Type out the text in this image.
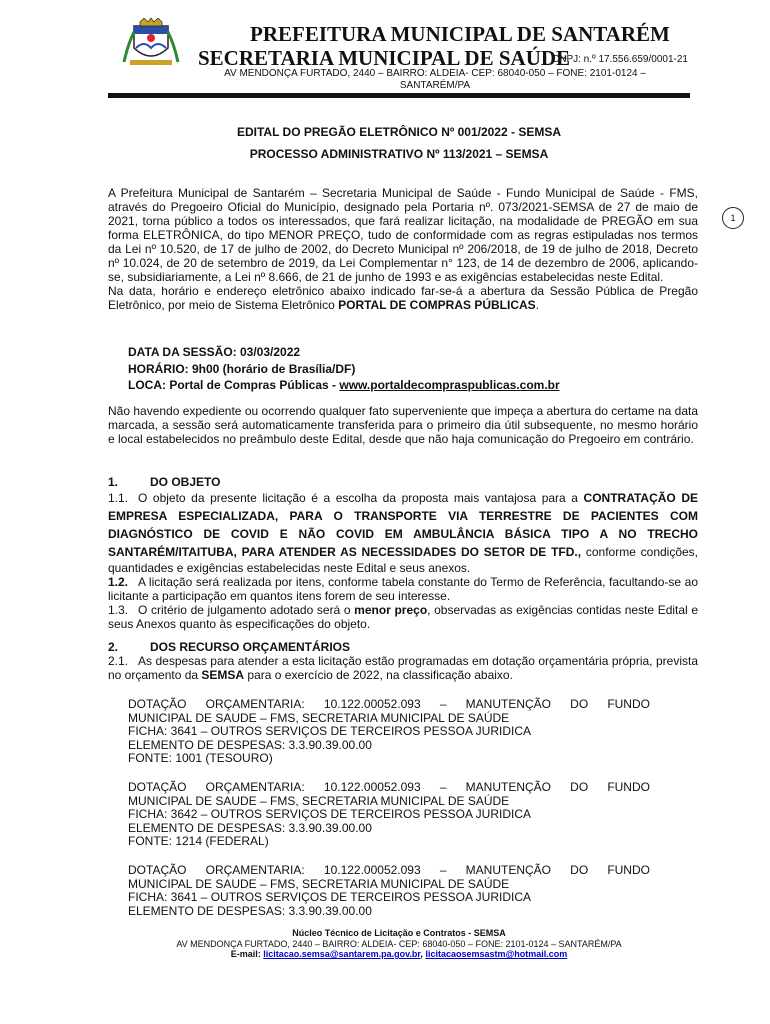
PREFEITURA MUNICIPAL DE SANTARÉM
SECRETARIA MUNICIPAL DE SAÚDE
CNPJ: n.º 17.556.659/0001-21
AV MENDONÇA FURTADO, 2440 – BAIRRO: ALDEIA- CEP: 68040-050 – FONE: 2101-0124 – SANTARÉM/PA
EDITAL DO PREGÃO ELETRÔNICO Nº 001/2022 - SEMSA
PROCESSO ADMINISTRATIVO Nº 113/2021 – SEMSA
1
A Prefeitura Municipal de Santarém – Secretaria Municipal de Saúde - Fundo Municipal de Saúde - FMS, através do Pregoeiro Oficial do Município, designado pela Portaria nº. 073/2021-SEMSA de 27 de maio de 2021, torna público a todos os interessados, que fará realizar licitação, na modalidade de PREGÃO em sua forma ELETRÔNICA, do tipo MENOR PREÇO, tudo de conformidade com as regras estipuladas nos termos da Lei nº 10.520, de 17 de julho de 2002, do Decreto Municipal nº 206/2018, de 19 de julho de 2018, Decreto nº 10.024, de 20 de setembro de 2019, da Lei Complementar n° 123, de 14 de dezembro de 2006, aplicando-se, subsidiariamente, a Lei nº 8.666, de 21 de junho de 1993 e as exigências estabelecidas neste Edital.
Na data, horário e endereço eletrônico abaixo indicado far-se-á a abertura da Sessão Pública de Pregão Eletrônico, por meio de Sistema Eletrônico PORTAL DE COMPRAS PÚBLICAS.
DATA DA SESSÃO: 03/03/2022
HORÁRIO: 9h00 (horário de Brasília/DF)
LOCA: Portal de Compras Públicas - www.portaldecompraspublicas.com.br
Não havendo expediente ou ocorrendo qualquer fato superveniente que impeça a abertura do certame na data marcada, a sessão será automaticamente transferida para o primeiro dia útil subsequente, no mesmo horário e local estabelecidos no preâmbulo deste Edital, desde que não haja comunicação do Pregoeiro em contrário.
1.	DO OBJETO
1.1. O objeto da presente licitação é a escolha da proposta mais vantajosa para a CONTRATAÇÃO DE EMPRESA ESPECIALIZADA, PARA O TRANSPORTE VIA TERRESTRE DE PACIENTES COM DIAGNÓSTICO DE COVID E NÃO COVID EM AMBULÂNCIA BÁSICA TIPO A NO TRECHO SANTARÉM/ITAITUBA, PARA ATENDER AS NECESSIDADES DO SETOR DE TFD., conforme condições, quantidades e exigências estabelecidas neste Edital e seus anexos.
1.2. A licitação será realizada por itens, conforme tabela constante do Termo de Referência, facultando-se ao licitante a participação em quantos itens forem de seu interesse.
1.3. O critério de julgamento adotado será o menor preço, observadas as exigências contidas neste Edital e seus Anexos quanto às especificações do objeto.
2.	DOS RECURSO ORÇAMENTÁRIOS
2.1. As despesas para atender a esta licitação estão programadas em dotação orçamentária própria, prevista no orçamento da SEMSA para o exercício de 2022, na classificação abaixo.
DOTAÇÃO ORÇAMENTARIA: 10.122.00052.093 – MANUTENÇÃO DO FUNDO
MUNICIPAL DE SAUDE – FMS, SECRETARIA MUNICIPAL DE SAÚDE
FICHA: 3641 – OUTROS SERVIÇOS DE TERCEIROS PESSOA JURIDICA
ELEMENTO DE DESPESAS: 3.3.90.39.00.00
FONTE: 1001 (TESOURO)
DOTAÇÃO ORÇAMENTARIA: 10.122.00052.093 – MANUTENÇÃO DO FUNDO
MUNICIPAL DE SAUDE – FMS, SECRETARIA MUNICIPAL DE SAÚDE
FICHA: 3642 – OUTROS SERVIÇOS DE TERCEIROS PESSOA JURIDICA
ELEMENTO DE DESPESAS: 3.3.90.39.00.00
FONTE: 1214 (FEDERAL)
DOTAÇÃO ORÇAMENTARIA: 10.122.00052.093 – MANUTENÇÃO DO FUNDO
MUNICIPAL DE SAUDE – FMS, SECRETARIA MUNICIPAL DE SAÚDE
FICHA: 3641 – OUTROS SERVIÇOS DE TERCEIROS PESSOA JURIDICA
ELEMENTO DE DESPESAS: 3.3.90.39.00.00
Núcleo Técnico de Licitação e Contratos - SEMSA
AV MENDONÇA FURTADO, 2440 – BAIRRO: ALDEIA- CEP: 68040-050 – FONE: 2101-0124 – SANTARÉM/PA
E-mail: licitacao.semsa@santarem.pa.gov.br, licitacaosemsastm@hotmail.com
